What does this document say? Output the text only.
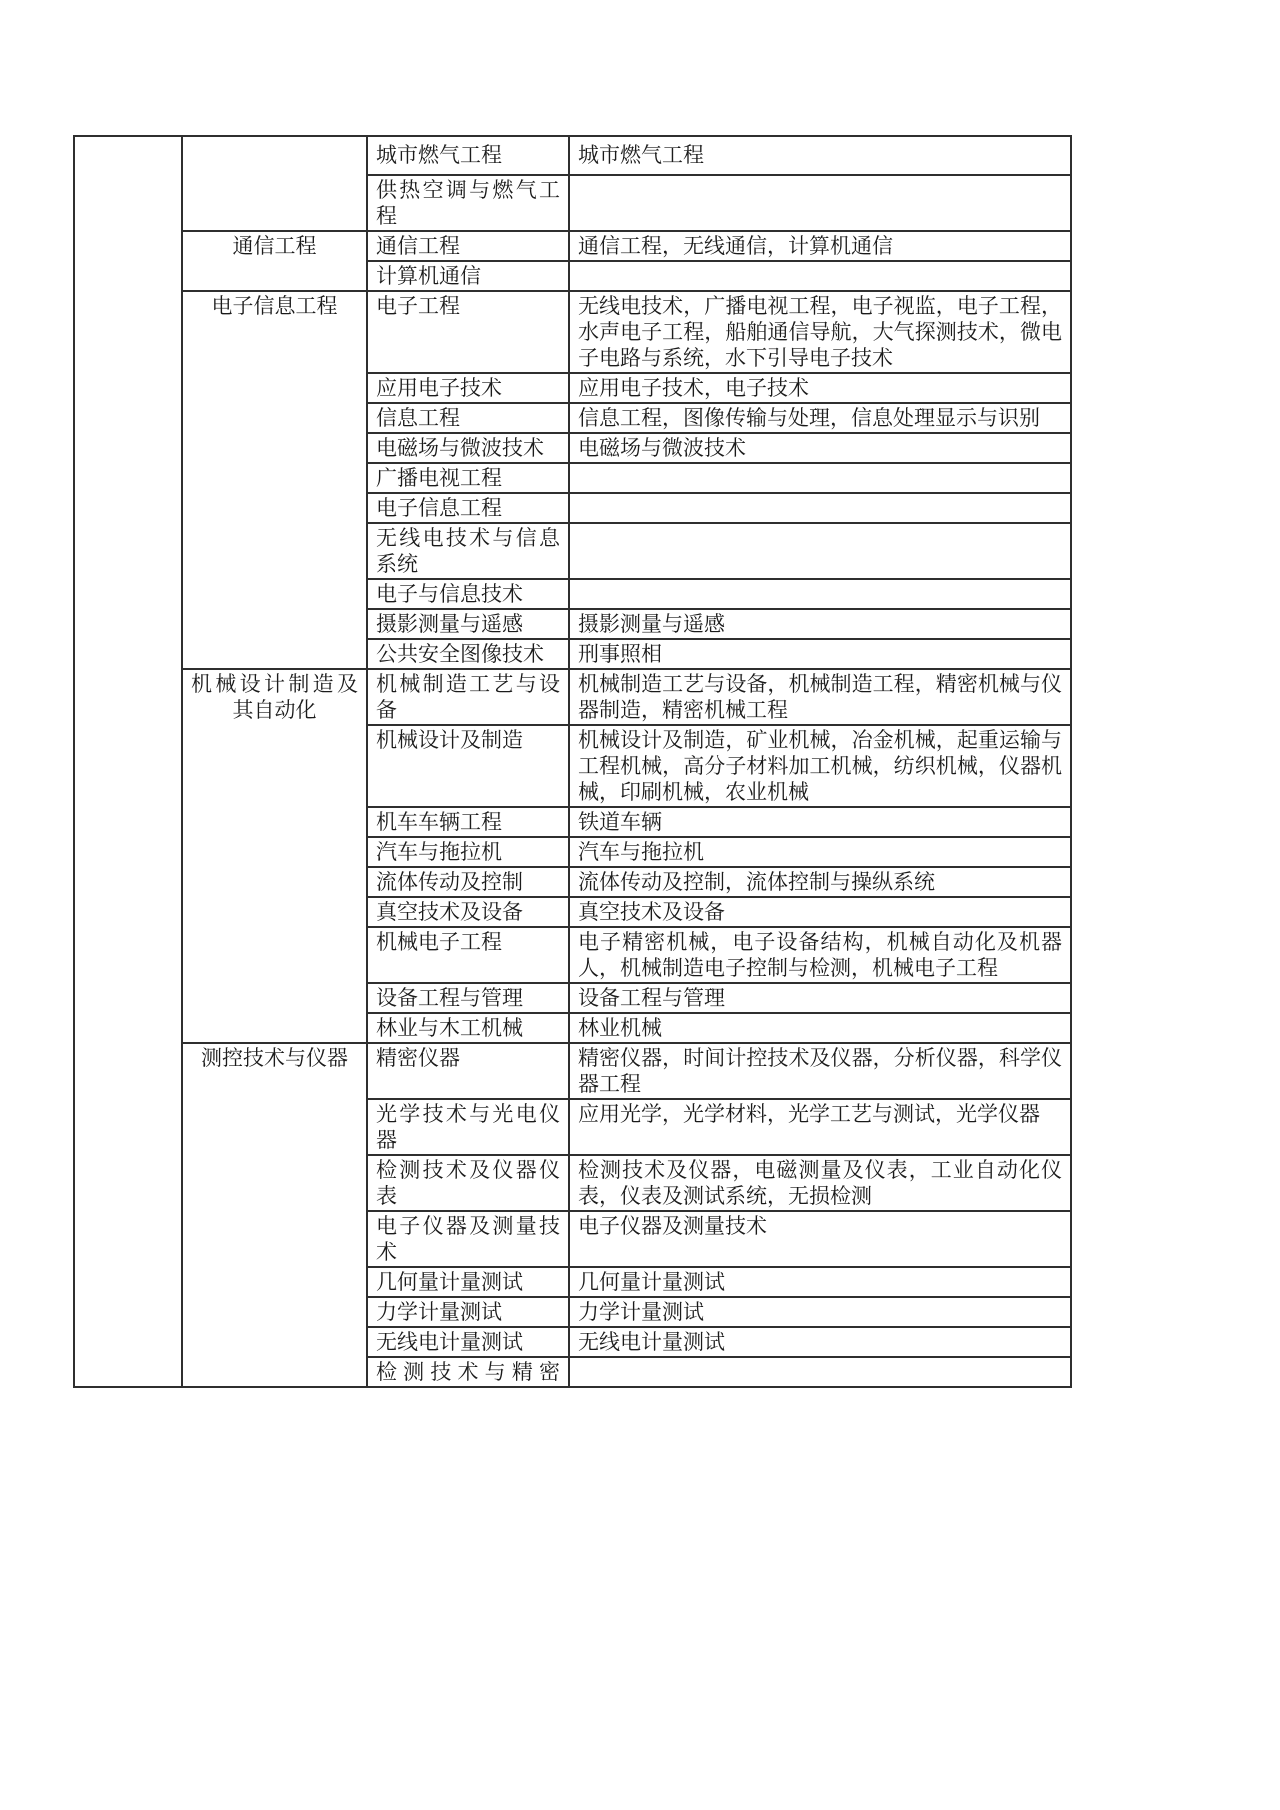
		城市燃气工程	城市燃气工程
		供热空调与燃气工程	
	通信工程	通信工程	通信工程，无线通信，计算机通信
		计算机通信	
	电子信息工程	电子工程	无线电技术，广播电视工程，电子视监，电子工程，水声电子工程，船舶通信导航，大气探测技术，微电子电路与系统，水下引导电子技术
		应用电子技术	应用电子技术，电子技术
		信息工程	信息工程，图像传输与处理，信息处理显示与识别
		电磁场与微波技术	电磁场与微波技术
		广播电视工程	
		电子信息工程	
		无线电技术与信息系统	
		电子与信息技术	
		摄影测量与遥感	摄影测量与遥感
		公共安全图像技术	刑事照相
	机械设计制造及其自动化	机械制造工艺与设备	机械制造工艺与设备，机械制造工程，精密机械与仪器制造，精密机械工程
		机械设计及制造	机械设计及制造，矿业机械，冶金机械，起重运输与工程机械，高分子材料加工机械，纺织机械，仪器机械，印刷机械，农业机械
		机车车辆工程	铁道车辆
		汽车与拖拉机	汽车与拖拉机
		流体传动及控制	流体传动及控制，流体控制与操纵系统
		真空技术及设备	真空技术及设备
		机械电子工程	电子精密机械，电子设备结构，机械自动化及机器人，机械制造电子控制与检测，机械电子工程
		设备工程与管理	设备工程与管理
		林业与木工机械	林业机械
	测控技术与仪器	精密仪器	精密仪器，时间计控技术及仪器，分析仪器，科学仪器工程
		光学技术与光电仪器	应用光学，光学材料，光学工艺与测试，光学仪器
		检测技术及仪器仪表	检测技术及仪器，电磁测量及仪表，工业自动化仪表，仪表及测试系统，无损检测
		电子仪器及测量技术	电子仪器及测量技术
		几何量计量测试	几何量计量测试
		力学计量测试	力学计量测试
		无线电计量测试	无线电计量测试
		检测技术与精密	
